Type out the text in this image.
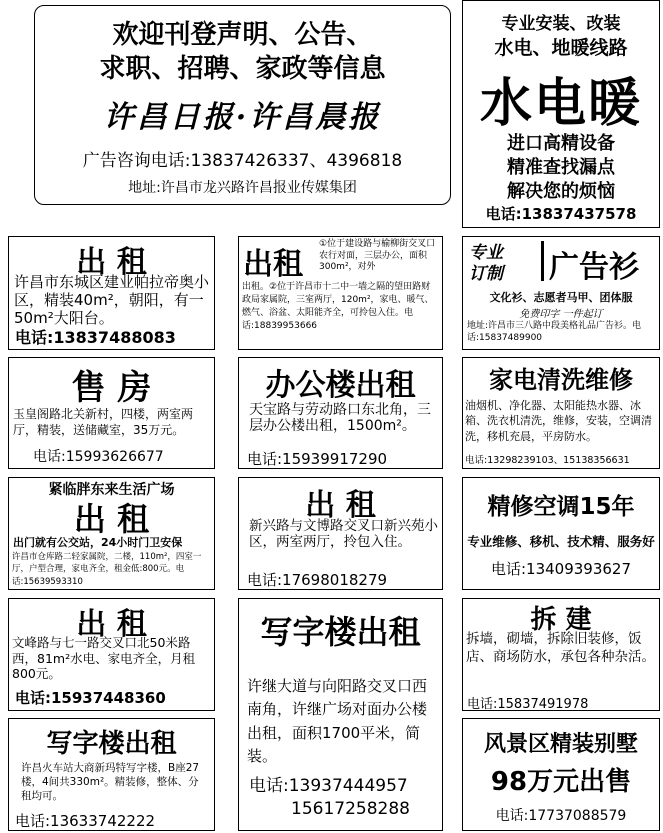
欢迎刊登声明、公告、
求职、招聘、家政等信息
许昌日报·许昌晨报
广告咨询电话:13837426337、4396818
地址:许昌市龙兴路许昌报业传媒集团
专业安装、改装
水电、地暖线路
水电暖
进口高精设备
精准查找漏点
解决您的烦恼
电话:13837437578
出 租
许昌市东城区建业帕拉帝奥小区，精装40m²，朝阳，有一50m²大阳台。
电话:13837488083
出租
①位于建设路与榆柳街交叉口农行对面，三层办公，面积300m²，对外
出租。②位于许昌市十二中一墙之隔的望田路财政局家属院，三室两厅，120m²，家电、暖气、燃气、浴盆、太阳能齐全，可拎包入住。电话:18839953666
专业
订制 广告衫
文化衫、志愿者马甲、团体服
免费印字 一件起订
地址:许昌市三八路中段美格礼品广告衫。电话:15837489900
售 房
玉皇阁路北关新村，四楼，两室两厅，精装，送储藏室，35万元。
电话:15993626677
办公楼出租
天宝路与劳动路口东北角，三层办公楼出租，1500m²。
电话:15939917290
家电清洗维修
油烟机、净化器、太阳能热水器、冰箱、洗衣机清洗，维修，安装，空调清洗，移机充晨，平房防水。
电话:13298239103、15138356631
紧临胖东来生活广场
出 租
出门就有公交站，24小时门卫安保
许昌市仓库路二轻家属院，二楼，110m²，四室一厅，户型合理，家电齐全，租金低:800元。电话:15639593310
出 租
新兴路与文博路交叉口新兴苑小区，两室两厅，拎包入住。
电话:17698018279
精修空调15年
专业维修、移机、技术精、服务好
电话:13409393627
出 租
文峰路与七一路交叉口北50米路西，81m²水电、家电齐全，月租800元。
电话:15937448360
写字楼出租
许继大道与向阳路交叉口西南角，许继广场对面办公楼出租，面积1700平米，简装。
电话:13937444957
15617258288
拆 建
拆墙，砌墙，拆除旧装修，饭店、商场防水，承包各种杂活。
电话:15837491978
写字楼出租
许昌火车站大商新玛特写字楼，B座27楼，4间共330m²。精装修，整体、分租均可。
电话:13633742222
风景区精装别墅
98万元出售
电话:17737088579
